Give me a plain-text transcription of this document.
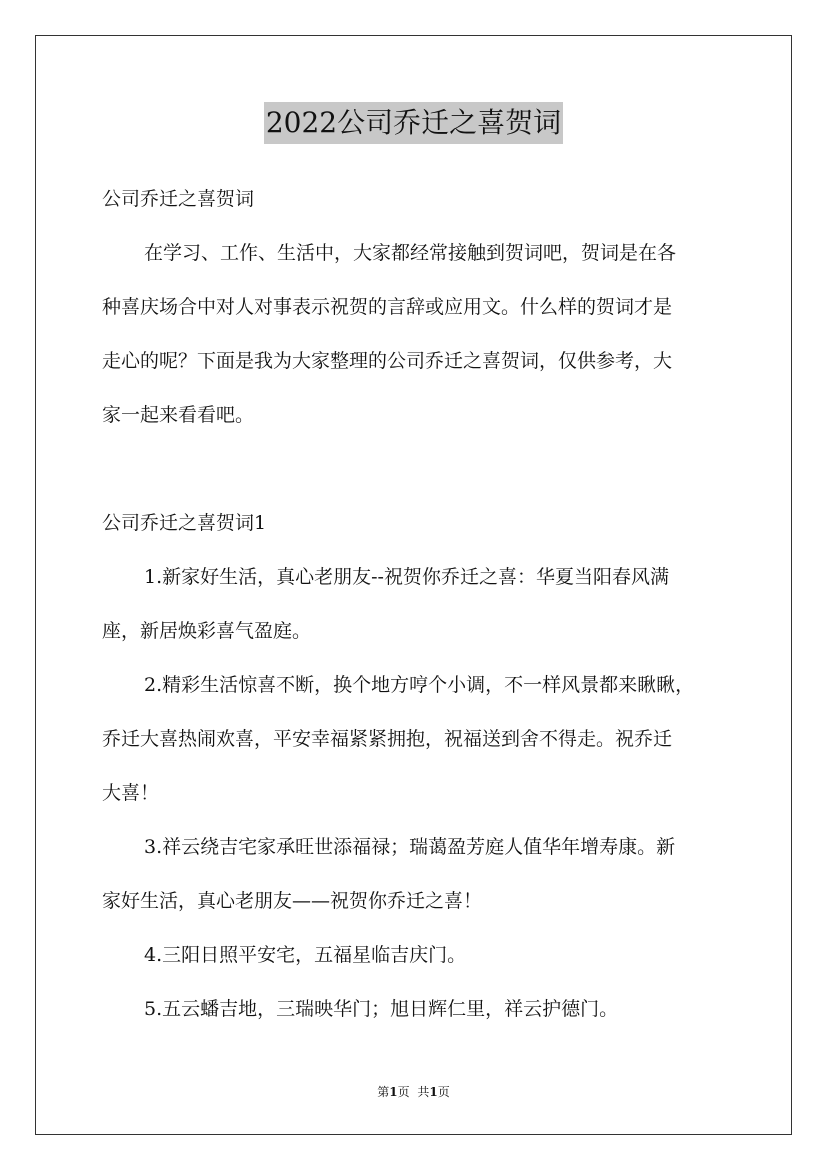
2022公司乔迁之喜贺词
公司乔迁之喜贺词
在学习、工作、生活中，大家都经常接触到贺词吧，贺词是在各
种喜庆场合中对人对事表示祝贺的言辞或应用文。什么样的贺词才是
走心的呢？下面是我为大家整理的公司乔迁之喜贺词，仅供参考，大
家一起来看看吧。
公司乔迁之喜贺词1
1.新家好生活，真心老朋友--祝贺你乔迁之喜：华夏当阳春风满
座，新居焕彩喜气盈庭。
2.精彩生活惊喜不断，换个地方哼个小调，不一样风景都来瞅瞅，
乔迁大喜热闹欢喜，平安幸福紧紧拥抱，祝福送到舍不得走。祝乔迁
大喜！
3.祥云绕吉宅家承旺世添福禄；瑞蔼盈芳庭人值华年增寿康。新
家好生活，真心老朋友——祝贺你乔迁之喜！
4.三阳日照平安宅，五福星临吉庆门。
5.五云蟠吉地，三瑞映华门；旭日辉仁里，祥云护德门。
第1页 共1页
